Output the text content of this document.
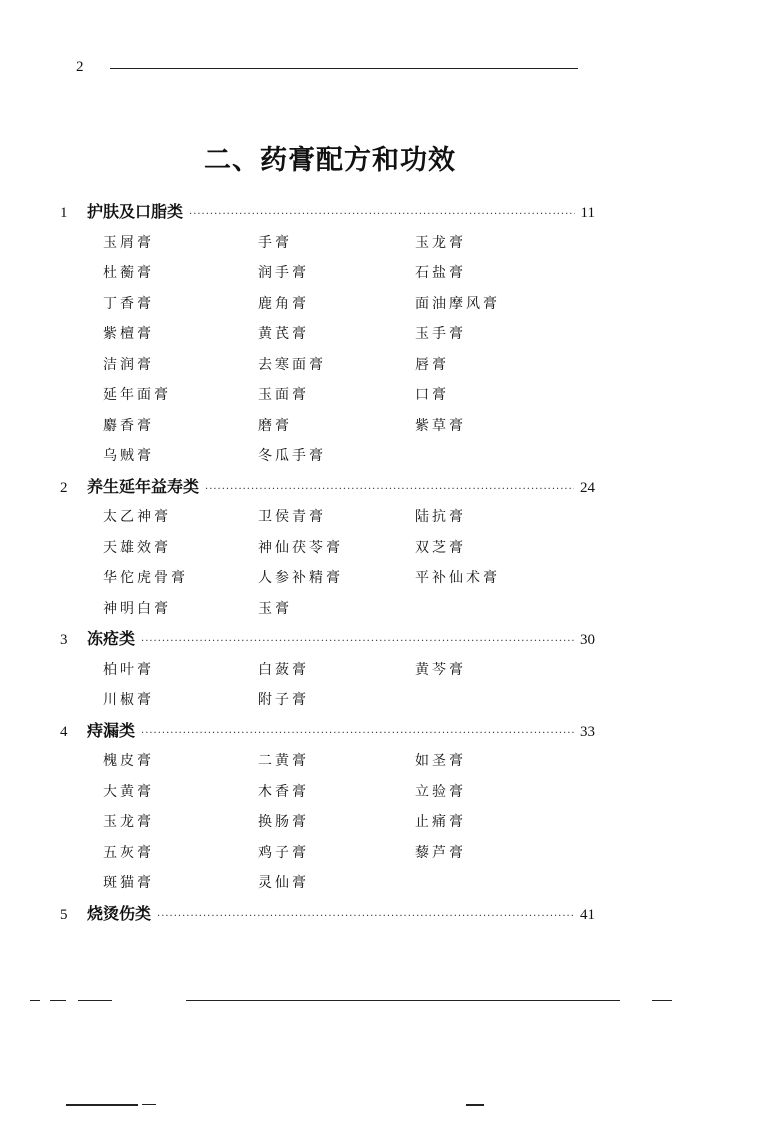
2
二、药膏配方和功效
1	护肤及口脂类 ·····	11
玉屑膏	手膏	玉龙膏
杜蘅膏	润手膏	石盐膏
丁香膏	鹿角膏	面油摩风膏
紫檀膏	黄芪膏	玉手膏
洁润膏	去寒面膏	唇膏
延年面膏	玉面膏	口膏
麝香膏	磨膏	紫草膏
乌贼膏	冬瓜手膏
2	养生延年益寿类 ·····	24
太乙神膏	卫侯青膏	陆抗膏
天雄效膏	神仙茯苓膏	双芝膏
华佗虎骨膏	人参补精膏	平补仙术膏
神明白膏	玉膏
3	冻疮类 ·····	30
柏叶膏	白蔹膏	黄芩膏
川椒膏	附子膏
4	痔漏类 ·····	33
槐皮膏	二黄膏	如圣膏
大黄膏	木香膏	立验膏
玉龙膏	换肠膏	止痛膏
五灰膏	鸡子膏	藜芦膏
斑猫膏	灵仙膏
5	烧烫伤类 ·····	41
